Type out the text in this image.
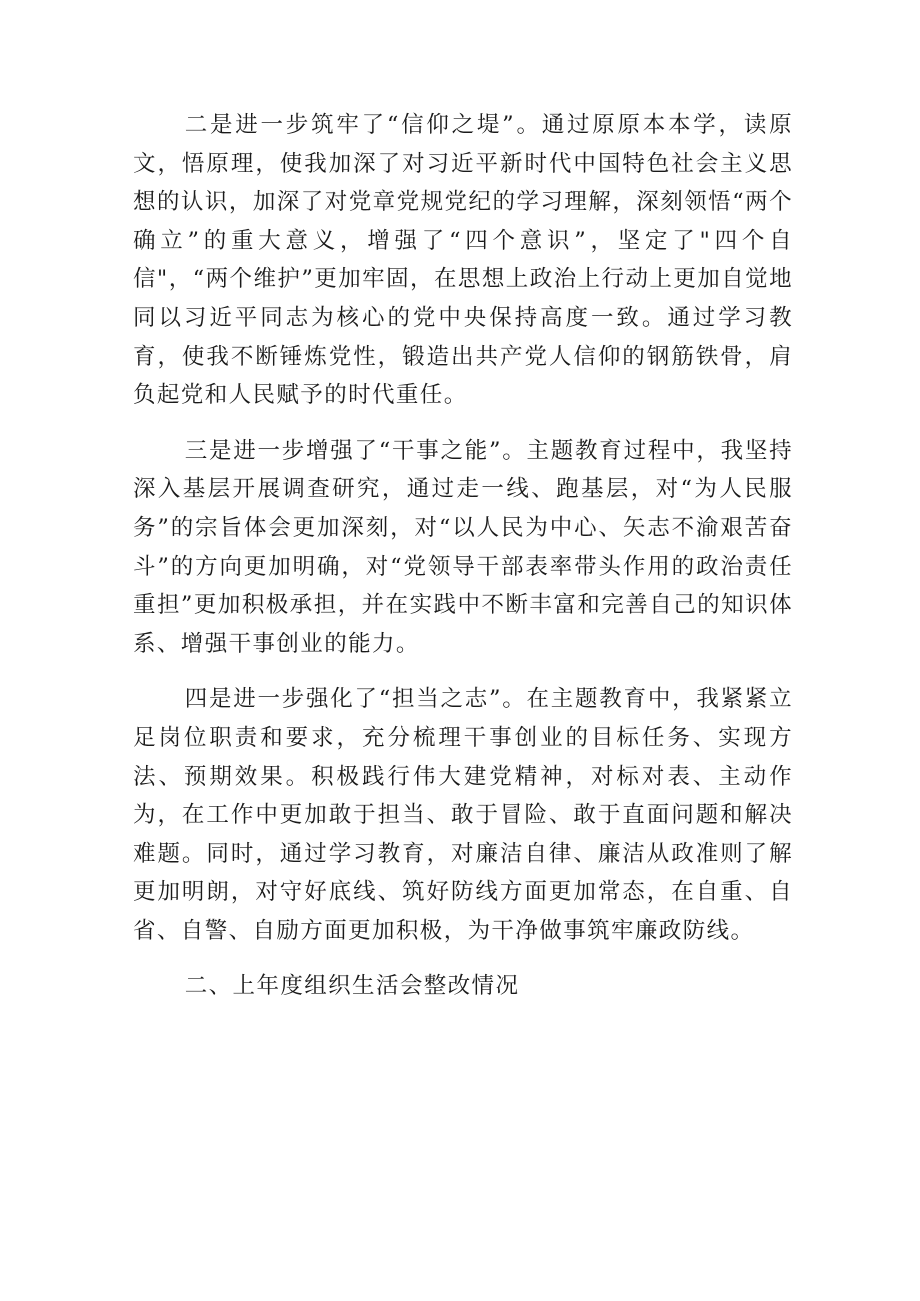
二是进一步筑牢了“信仰之堤”。通过原原本本学，读原文，悟原理，使我加深了对习近平新时代中国特色社会主义思想的认识，加深了对党章党规党纪的学习理解，深刻领悟“两个确立”的重大意义，增强了“四个意识”，坚定了"四个自信"，“两个维护”更加牢固，在思想上政治上行动上更加自觉地同以习近平同志为核心的党中央保持高度一致。通过学习教育，使我不断锤炼党性，锻造出共产党人信仰的钢筋铁骨，肩负起党和人民赋予的时代重任。

三是进一步增强了“干事之能”。主题教育过程中，我坚持深入基层开展调查研究，通过走一线、跑基层，对“为人民服务”的宗旨体会更加深刻，对“以人民为中心、矢志不渝艰苦奋斗”的方向更加明确，对“党领导干部表率带头作用的政治责任重担”更加积极承担，并在实践中不断丰富和完善自己的知识体系、增强干事创业的能力。

四是进一步强化了“担当之志”。在主题教育中，我紧紧立足岗位职责和要求，充分梳理干事创业的目标任务、实现方法、预期效果。积极践行伟大建党精神，对标对表、主动作为，在工作中更加敢于担当、敢于冒险、敢于直面问题和解决难题。同时，通过学习教育，对廉洁自律、廉洁从政准则了解更加明朗，对守好底线、筑好防线方面更加常态，在自重、自省、自警、自励方面更加积极，为干净做事筑牢廉政防线。

二、上年度组织生活会整改情况
